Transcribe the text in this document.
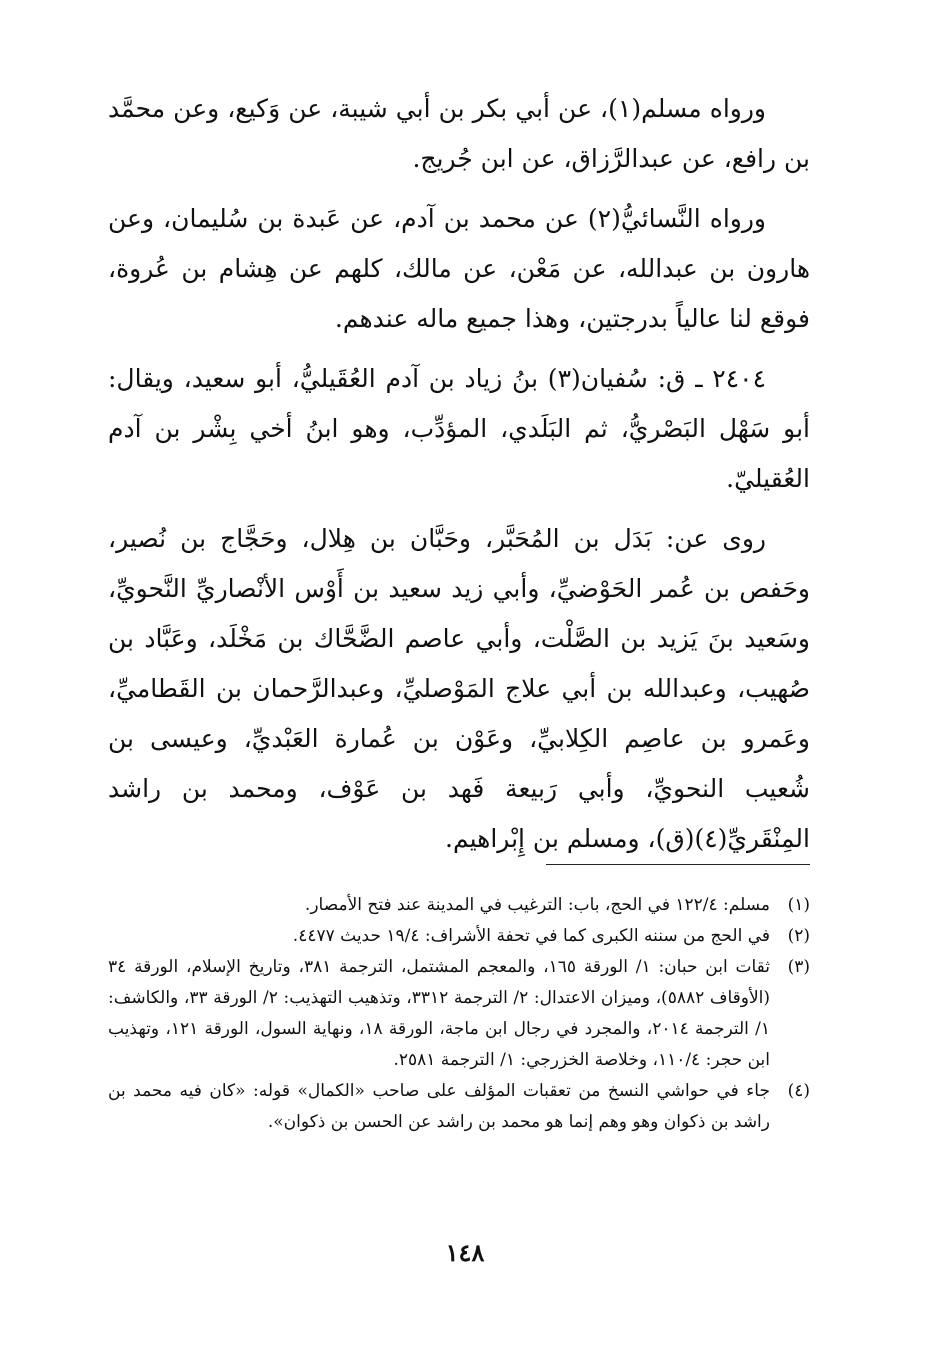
ورواه مسلم(١)، عن أبي بكر بن أبي شيبة، عن وَكيع، وعن محمَّد بن رافع، عن عبدالرَّزاق، عن ابن جُريج.

ورواه النَّسائيُّ(٢) عن محمد بن آدم، عن عَبدة بن سُليمان، وعن هارون بن عبدالله، عن مَعْن، عن مالك، كلهم عن هِشام بن عُروة، فوقع لنا عالياً بدرجتين، وهذا جميع ماله عندهم.

٢٤٠٤ ـ ق: سُفيان(٣) بنُ زياد بن آدم العُقَيليُّ، أبو سعيد، ويقال: أبو سَهْل البَصْريُّ، ثم البَلَدي، المؤدِّب، وهو ابنُ أخي بِشْر بن آدم العُقيليّ.

روى عن: بَدَل بن المُحَبَّر، وحَبَّان بن هِلال، وحَجَّاج بن نُصير، وحَفص بن عُمر الحَوْضيِّ، وأبي زيد سعيد بن أَوْس الأنْصاريِّ النَّحويِّ، وسَعيد بنَ يَزيد بن الصَّلْت، وأبي عاصم الضَّحَّاك بن مَخْلَد، وعَبَّاد بن صُهيب، وعبدالله بن أبي علاج المَوْصليِّ، وعبدالرَّحمان بن القَطاميِّ، وعَمرو بن عاصِم الكِلابيِّ، وعَوْن بن عُمارة العَبْديِّ، وعيسى بن شُعيب النحويِّ، وأبي رَبيعة فَهد بن عَوْف، ومحمد بن راشد المِنْقَريِّ(٤)(ق)، ومسلم بن إِبْراهيم.

(١)
مسلم: ١٢٢/٤ في الحج، باب: الترغيب في المدينة عند فتح الأمصار.
(٢)
في الحج من سننه الكبرى كما في تحفة الأشراف: ١٩/٤ حديث ٤٤٧٧.
(٣)
ثقات ابن حبان: ١/ الورقة ١٦٥، والمعجم المشتمل، الترجمة ٣٨١، وتاريخ الإسلام، الورقة ٣٤ (الأوقاف ٥٨٨٢)، وميزان الاعتدال: ٢/ الترجمة ٣٣١٢، وتذهيب التهذيب: ٢/ الورقة ٣٣، والكاشف: ١/ الترجمة ٢٠١٤، والمجرد في رجال ابن ماجة، الورقة ١٨، ونهاية السول، الورقة ١٢١، وتهذيب ابن حجر: ١١٠/٤، وخلاصة الخزرجي: ١/ الترجمة ٢٥٨١.
(٤)
جاء في حواشي النسخ من تعقبات المؤلف على صاحب «الكمال» قوله: «كان فيه محمد بن راشد بن ذكوان وهو وهم إنما هو محمد بن راشد عن الحسن بن ذكوان».
١٤٨
